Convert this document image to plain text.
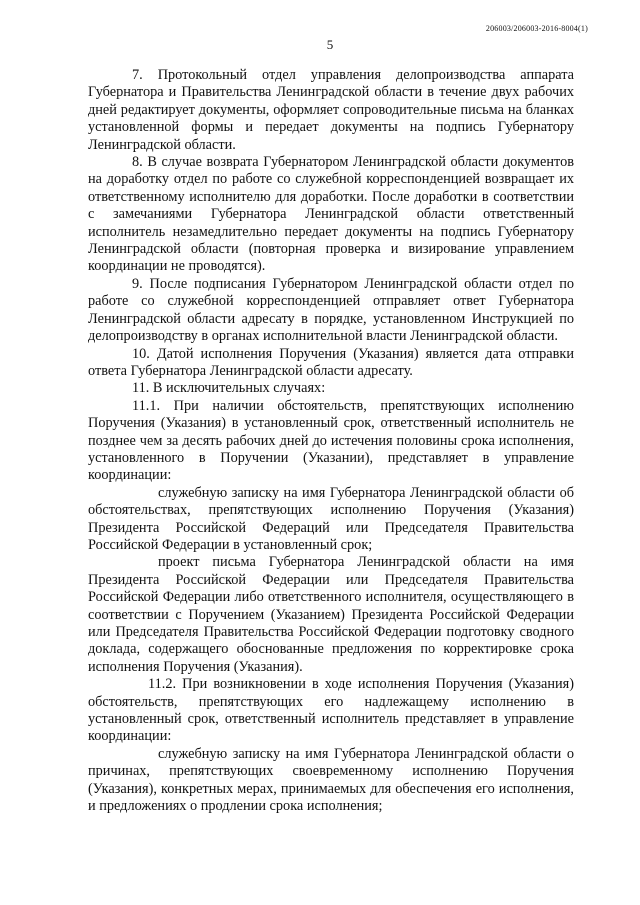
206003/206003-2016-8004(1)
5

7. Протокольный отдел управления делопроизводства аппарата Губернатора и Правительства Ленинградской области в течение двух рабочих дней редактирует документы, оформляет сопроводительные письма на бланках установленной формы и передает документы на подпись Губернатору Ленинградской области.

8. В случае возврата Губернатором Ленинградской области документов на доработку отдел по работе со служебной корреспонденцией возвращает их ответственному исполнителю для доработки. После доработки в соответствии с замечаниями Губернатора Ленинградской области ответственный исполнитель незамедлительно передает документы на подпись Губернатору Ленинградской области (повторная проверка и визирование управлением координации не проводятся).

9. После подписания Губернатором Ленинградской области отдел по работе со служебной корреспонденцией отправляет ответ Губернатора Ленинградской области адресату в порядке, установленном Инструкцией по делопроизводству в органах исполнительной власти Ленинградской области.

10. Датой исполнения Поручения (Указания) является дата отправки ответа Губернатора Ленинградской области адресату.

11. В исключительных случаях:

11.1. При наличии обстоятельств, препятствующих исполнению Поручения (Указания) в установленный срок, ответственный исполнитель не позднее чем за десять рабочих дней до истечения половины срока исполнения, установленного в Поручении (Указании), представляет в управление координации:

служебную записку на имя Губернатора Ленинградской области об обстоятельствах, препятствующих исполнению Поручения (Указания) Президента Российской Федераций или Председателя Правительства Российской Федерации в установленный срок;

проект письма Губернатора Ленинградской области на имя Президента Российской Федерации или Председателя Правительства Российской Федерации либо ответственного исполнителя, осуществляющего в соответствии с Поручением (Указанием) Президента Российской Федерации или Председателя Правительства Российской Федерации подготовку сводного доклада, содержащего обоснованные предложения по корректировке срока исполнения Поручения (Указания).

11.2. При возникновении в ходе исполнения Поручения (Указания) обстоятельств, препятствующих его надлежащему исполнению в установленный срок, ответственный исполнитель представляет в управление координации:

служебную записку на имя Губернатора Ленинградской области о причинах, препятствующих своевременному исполнению Поручения (Указания), конкретных мерах, принимаемых для обеспечения его исполнения, и предложениях о продлении срока исполнения;
